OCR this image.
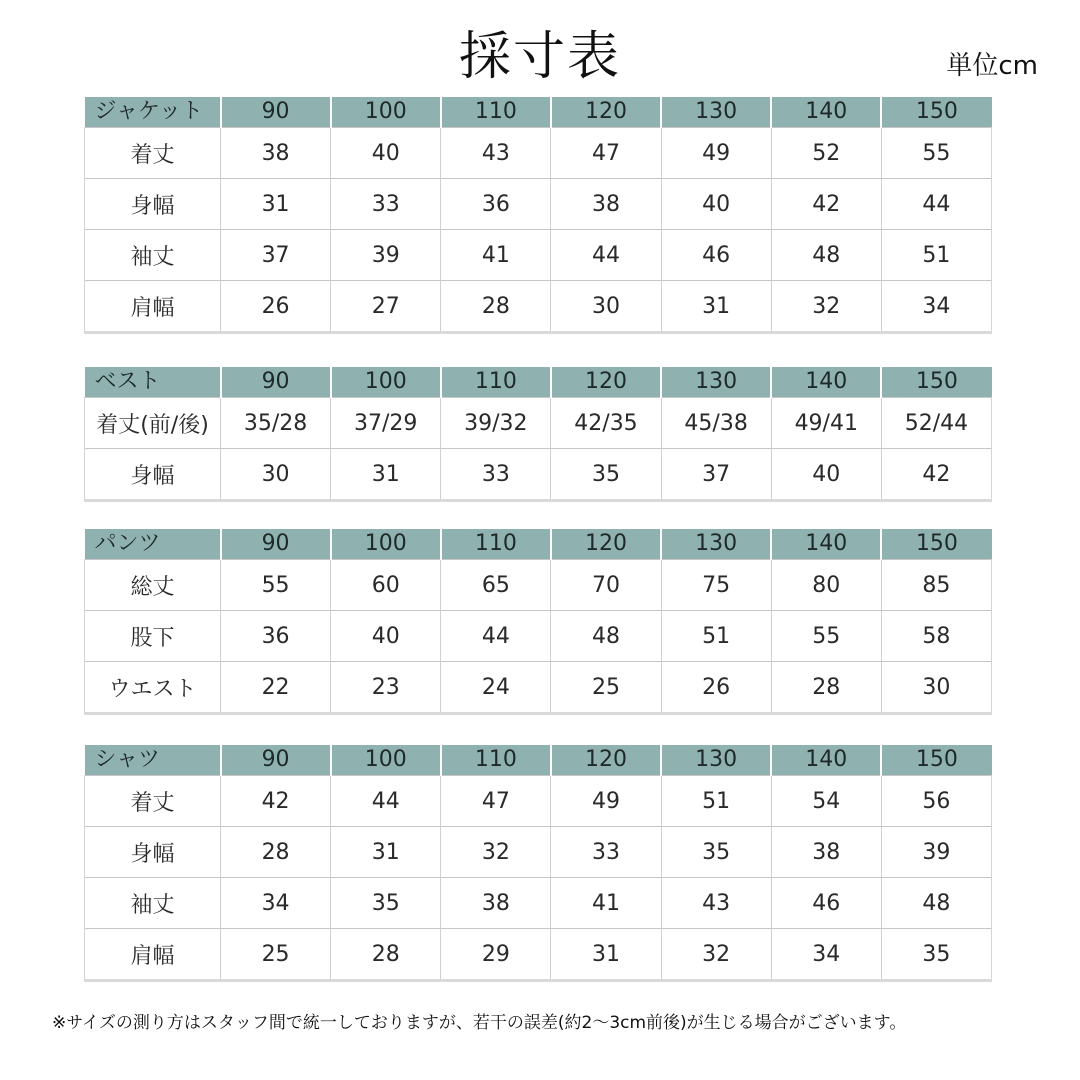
採寸表	単位cm
ジャケット	90	100	110	120	130	140	150
着丈	38	40	43	47	49	52	55
身幅	31	33	36	38	40	42	44
袖丈	37	39	41	44	46	48	51
肩幅	26	27	28	30	31	32	34
ベスト	90	100	110	120	130	140	150
着丈(前/後)	35/28	37/29	39/32	42/35	45/38	49/41	52/44
身幅	30	31	33	35	37	40	42
パンツ	90	100	110	120	130	140	150
総丈	55	60	65	70	75	80	85
股下	36	40	44	48	51	55	58
ウエスト	22	23	24	25	26	28	30
シャツ	90	100	110	120	130	140	150
着丈	42	44	47	49	51	54	56
身幅	28	31	32	33	35	38	39
袖丈	34	35	38	41	43	46	48
肩幅	25	28	29	31	32	34	35
※サイズの測り方はスタッフ間で統一しておりますが、若干の誤差(約2〜3cm前後)が生じる場合がございます。
